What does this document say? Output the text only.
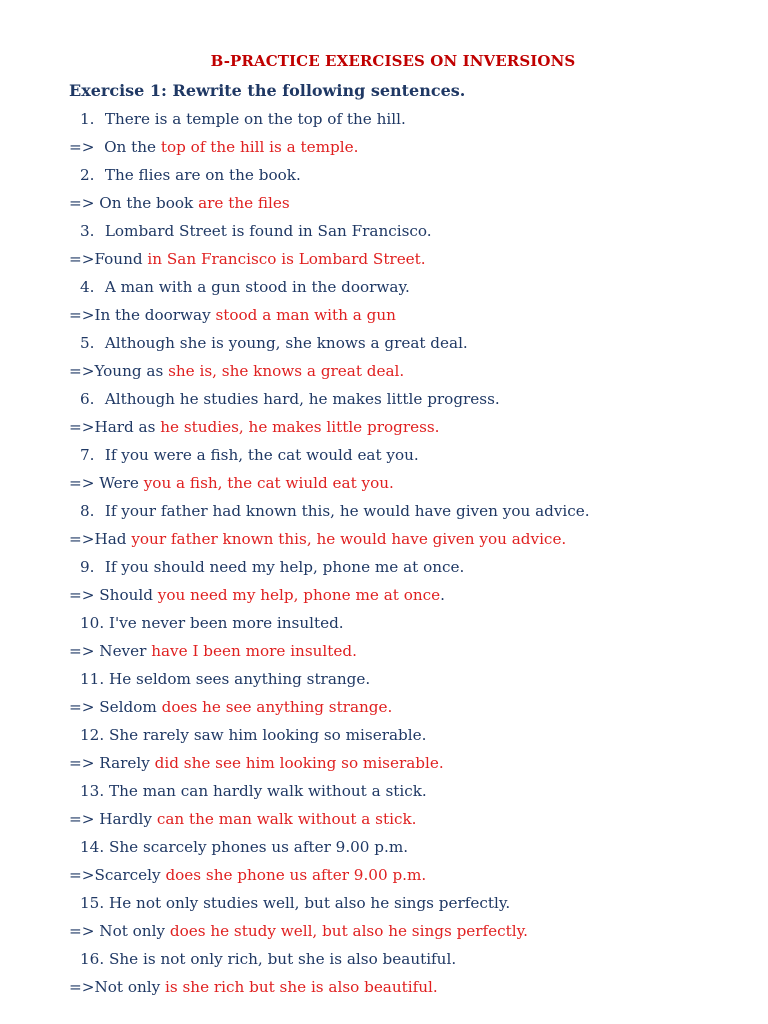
B-PRACTICE EXERCISES ON INVERSIONS
Exercise 1: Rewrite the following sentences.
1. There is a temple on the top of the hill.
=>  On the top of the hill is a temple.
2. The flies are on the book.
=> On the book are the files
3. Lombard Street is found in San Francisco.
=>Found in San Francisco is Lombard Street.
4. A man with a gun stood in the doorway.
=>In the doorway stood a man with a gun
5. Although she is young, she knows a great deal.
=>Young as she is, she knows a great deal.
6. Although he studies hard, he makes little progress.
=>Hard as he studies, he makes little progress.
7. If you were a fish, the cat would eat you.
=> Were you a fish, the cat wiuld eat you.
8. If your father had known this, he would have given you advice.
=>Had your father known this, he would have given you advice.
9. If you should need my help, phone me at once.
=> Should you need my help, phone me at once.
10. I've never been more insulted.
=> Never have I been more insulted.
11. He seldom sees anything strange.
=> Seldom does he see anything strange.
12. She rarely saw him looking so miserable.
=> Rarely did she see him looking so miserable.
13. The man can hardly walk without a stick.
=> Hardly can the man walk without a stick.
14. She scarcely phones us after 9.00 p.m.
=>Scarcely does she phone us after 9.00 p.m.
15. He not only studies well, but also he sings perfectly.
=> Not only does he study well, but also he sings perfectly.
16. She is not only rich, but she is also beautiful.
=>Not only is she rich but she is also beautiful.
